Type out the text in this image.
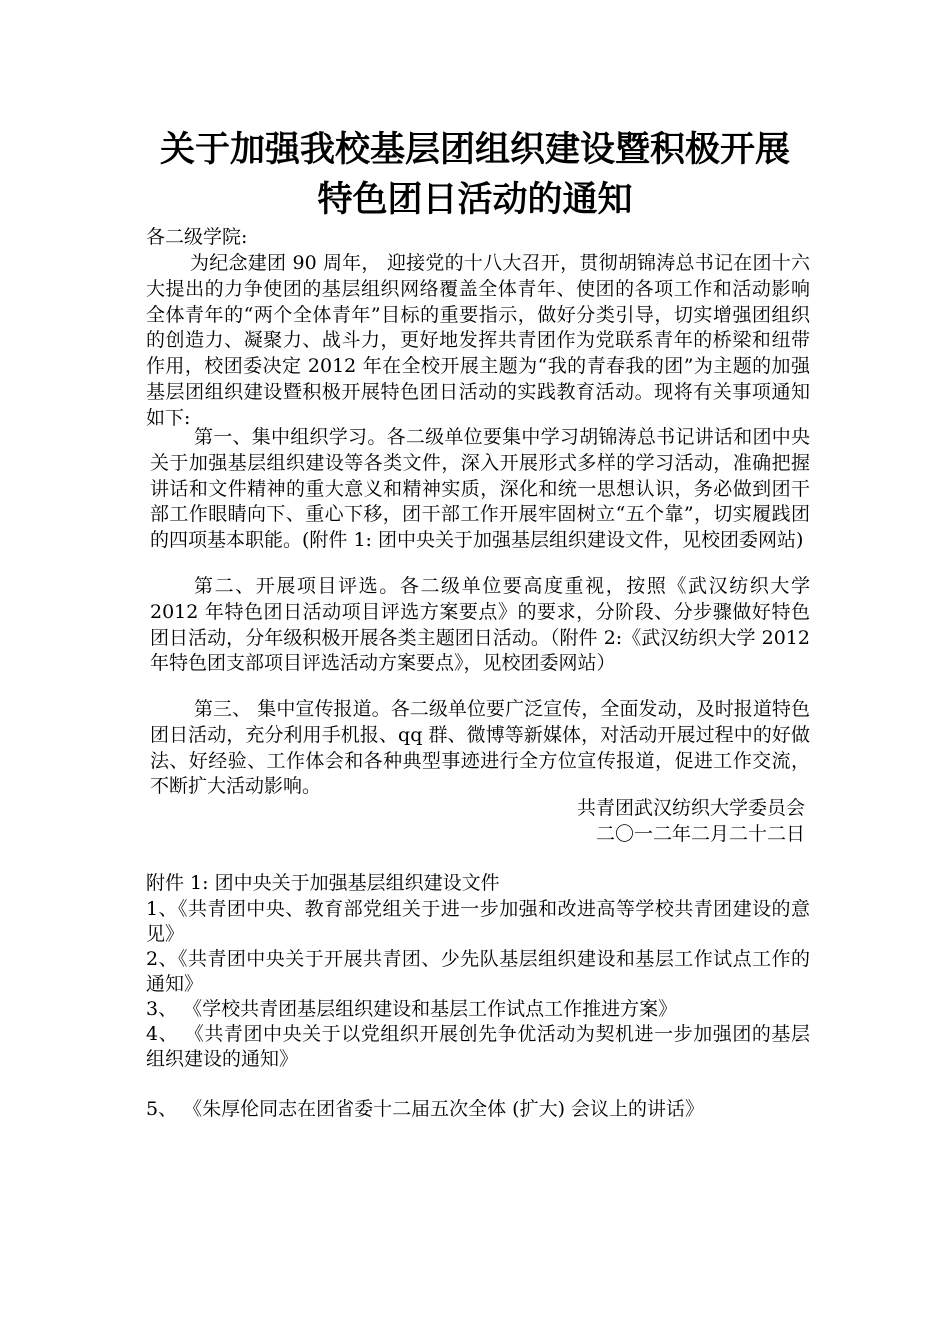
关于加强我校基层团组织建设暨积极开展
特色团日活动的通知

各二级学院:

为纪念建团 90 周年， 迎接党的十八大召开，贯彻胡锦涛总书记在团十六大提出的力争使团的基层组织网络覆盖全体青年、使团的各项工作和活动影响全体青年的“两个全体青年”目标的重要指示，做好分类引导，切实增强团组织的创造力、凝聚力、战斗力，更好地发挥共青团作为党联系青年的桥梁和纽带作用，校团委决定 2012 年在全校开展主题为“我的青春我的团”为主题的加强基层团组织建设暨积极开展特色团日活动的实践教育活动。现将有关事项通知如下:

第一、集中组织学习。各二级单位要集中学习胡锦涛总书记讲话和团中央关于加强基层组织建设等各类文件，深入开展形式多样的学习活动，准确把握讲话和文件精神的重大意义和精神实质，深化和统一思想认识，务必做到团干部工作眼睛向下、重心下移，团干部工作开展牢固树立“五个靠”，切实履践团的四项基本职能。(附件 1: 团中央关于加强基层组织建设文件，见校团委网站)

第二、开展项目评选。各二级单位要高度重视，按照《武汉纺织大学 2012 年特色团日活动项目评选方案要点》的要求，分阶段、分步骤做好特色团日活动，分年级积极开展各类主题团日活动。（附件 2:《武汉纺织大学 2012 年特色团支部项目评选活动方案要点》，见校团委网站）

第三、 集中宣传报道。各二级单位要广泛宣传，全面发动，及时报道特色团日活动，充分利用手机报、qq 群、微博等新媒体，对活动开展过程中的好做法、好经验、工作体会和各种典型事迹进行全方位宣传报道，促进工作交流， 不断扩大活动影响。

共青团武汉纺织大学委员会

二〇一二年二月二十二日

附件 1: 团中央关于加强基层组织建设文件

1、《共青团中央、教育部党组关于进一步加强和改进高等学校共青团建设的意见》

2、《共青团中央关于开展共青团、少先队基层组织建设和基层工作试点工作的通知》

3、 《学校共青团基层组织建设和基层工作试点工作推进方案》

4、 《共青团中央关于以党组织开展创先争优活动为契机进一步加强团的基层组织建设的通知》

5、 《朱厚伦同志在团省委十二届五次全体 (扩大) 会议上的讲话》
